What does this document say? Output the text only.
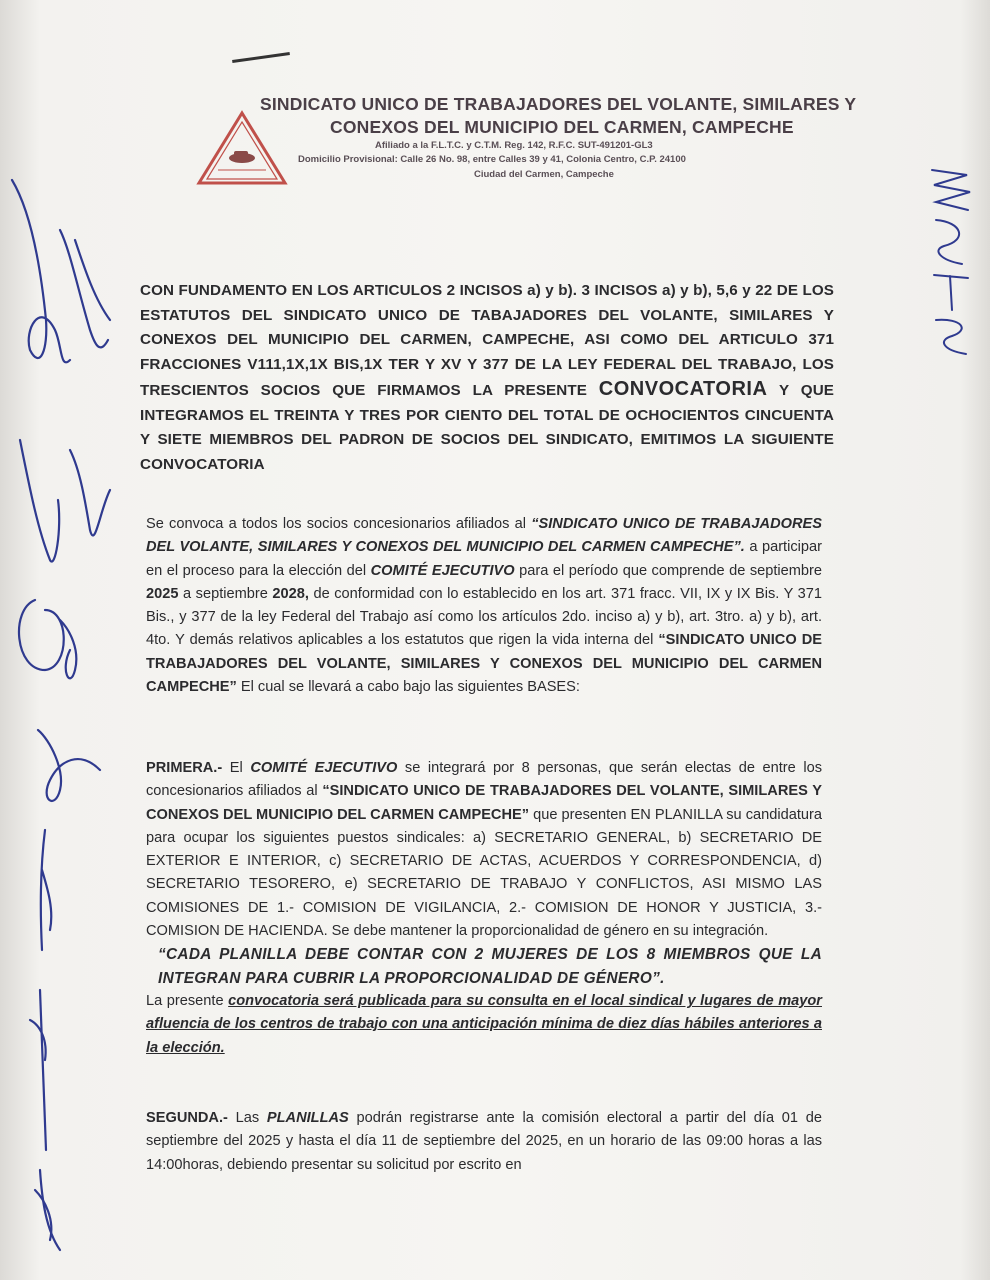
SINDICATO UNICO DE TRABAJADORES DEL VOLANTE, SIMILARES Y
CONEXOS DEL MUNICIPIO DEL CARMEN, CAMPECHE
Afiliado a la F.L.T.C. y C.T.M. Reg. 142, R.F.C. SUT-491201-GL3
Domicilio Provisional: Calle 26 No. 98, entre Calles 39 y 41, Colonia Centro, C.P. 24100
Ciudad del Carmen, Campeche
CON FUNDAMENTO EN LOS ARTICULOS 2 INCISOS a) y b). 3 INCISOS a) y b), 5,6 y 22 DE LOS ESTATUTOS DEL SINDICATO UNICO DE TABAJADORES DEL VOLANTE, SIMILARES Y CONEXOS DEL MUNICIPIO DEL CARMEN, CAMPECHE, ASI COMO DEL ARTICULO 371 FRACCIONES V111,1X,1X BIS,1X TER Y XV Y 377 DE LA LEY FEDERAL DEL TRABAJO, LOS TRESCIENTOS SOCIOS QUE FIRMAMOS LA PRESENTE CONVOCATORIA Y QUE INTEGRAMOS EL TREINTA Y TRES POR CIENTO DEL TOTAL DE OCHOCIENTOS CINCUENTA Y SIETE MIEMBROS DEL PADRON DE SOCIOS DEL SINDICATO, EMITIMOS LA SIGUIENTE CONVOCATORIA
Se convoca a todos los socios concesionarios afiliados al “SINDICATO UNICO DE TRABAJADORES DEL VOLANTE, SIMILARES Y CONEXOS DEL MUNICIPIO DEL CARMEN CAMPECHE”. a participar en el proceso para la elección del COMITÉ EJECUTIVO para el período que comprende de septiembre 2025 a septiembre 2028, de conformidad con lo establecido en los art. 371 fracc. VII, IX y IX Bis. Y 371 Bis., y 377 de la ley Federal del Trabajo así como los artículos 2do. inciso a) y b), art. 3tro. a) y b), art. 4to. Y demás relativos aplicables a los estatutos que rigen la vida interna del “SINDICATO UNICO DE TRABAJADORES DEL VOLANTE, SIMILARES Y CONEXOS DEL MUNICIPIO DEL CARMEN CAMPECHE” El cual se llevará a cabo bajo las siguientes BASES:
PRIMERA.- El COMITÉ EJECUTIVO se integrará por 8 personas, que serán electas de entre los concesionarios afiliados al “SINDICATO UNICO DE TRABAJADORES DEL VOLANTE, SIMILARES Y CONEXOS DEL MUNICIPIO DEL CARMEN CAMPECHE” que presenten EN PLANILLA su candidatura para ocupar los siguientes puestos sindicales: a) SECRETARIO GENERAL, b) SECRETARIO DE EXTERIOR E INTERIOR, c) SECRETARIO DE ACTAS, ACUERDOS Y CORRESPONDENCIA, d) SECRETARIO TESORERO, e) SECRETARIO DE TRABAJO Y CONFLICTOS, ASI MISMO LAS COMISIONES DE 1.- COMISION DE VIGILANCIA, 2.- COMISION DE HONOR Y JUSTICIA, 3.- COMISION DE HACIENDA. Se debe mantener la proporcionalidad de género en su integración.
“CADA PLANILLA DEBE CONTAR CON 2 MUJERES DE LOS 8 MIEMBROS QUE LA INTEGRAN PARA CUBRIR LA PROPORCIONALIDAD DE GÉNERO”.
La presente convocatoria será publicada para su consulta en el local sindical y lugares de mayor afluencia de los centros de trabajo con una anticipación mínima de diez días hábiles anteriores a la elección.
SEGUNDA.- Las PLANILLAS podrán registrarse ante la comisión electoral a partir del día 01 de septiembre del 2025 y hasta el día 11 de septiembre del 2025, en un horario de las 09:00 horas a las 14:00horas, debiendo presentar su solicitud por escrito en
